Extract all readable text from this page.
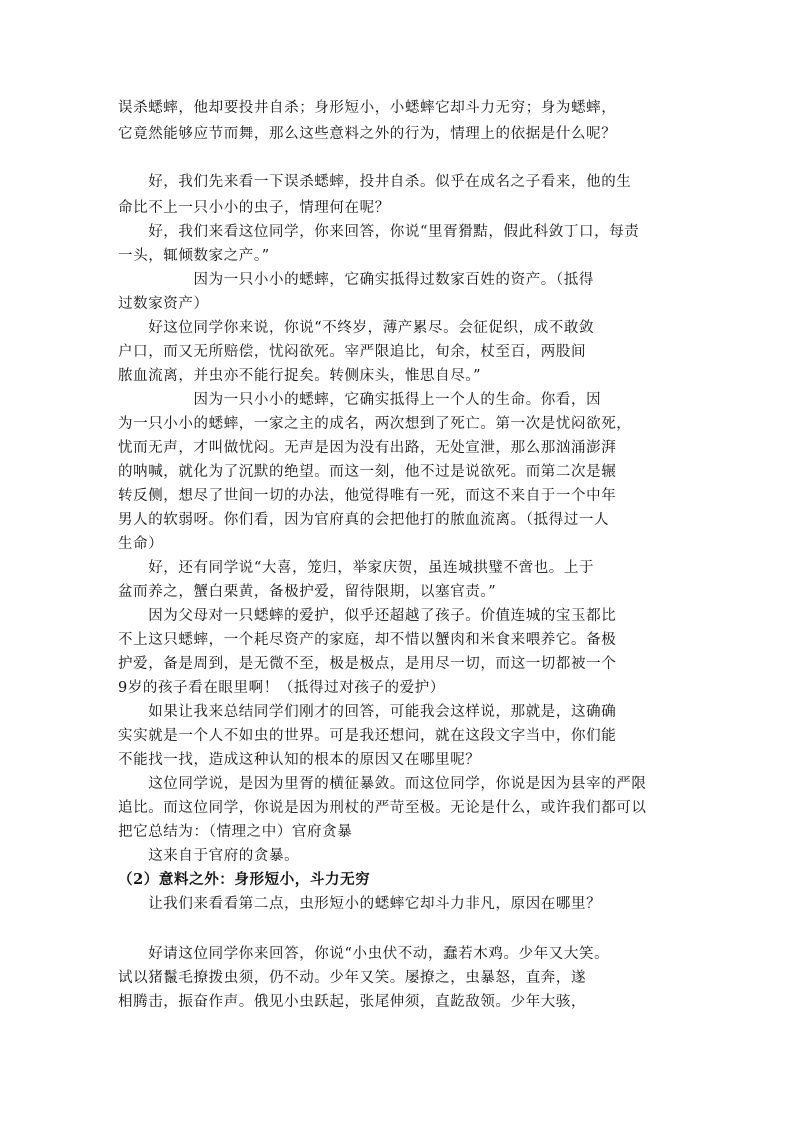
误杀蟋蟀，他却要投井自杀；身形短小，小蟋蟀它却斗力无穷；身为蟋蟀，
它竟然能够应节而舞，那么这些意料之外的行为，情理上的依据是什么呢？
　　好，我们先来看一下误杀蟋蟀，投井自杀。似乎在成名之子看来，他的生
命比不上一只小小的虫子，情理何在呢？
　　好，我们来看这位同学，你来回答，你说“里胥猾黠，假此科敛丁口，每责
一头，辄倾数家之产。”
　　　　　因为一只小小的蟋蟀，它确实抵得过数家百姓的资产。（抵得
过数家资产）
　　好这位同学你来说，你说“不终岁，薄产累尽。会征促织，成不敢敛
户口，而又无所赔偿，忧闷欲死。宰严限追比，旬余，杖至百，两股间
脓血流离，并虫亦不能行捉矣。转侧床头，惟思自尽。”
　　　　　因为一只小小的蟋蟀，它确实抵得上一个人的生命。你看，因
为一只小小的蟋蟀，一家之主的成名，两次想到了死亡。第一次是忧闷欲死，
忧而无声，才叫做忧闷。无声是因为没有出路，无处宣泄，那么那汹涌澎湃
的呐喊，就化为了沉默的绝望。而这一刻，他不过是说欲死。而第二次是辗
转反侧，想尽了世间一切的办法，他觉得唯有一死，而这不来自于一个中年
男人的软弱呀。你们看，因为官府真的会把他打的脓血流离。（抵得过一人
生命）
　　好，还有同学说“大喜，笼归，举家庆贺，虽连城拱璧不啻也。上于
盆而养之，蟹白栗黄，备极护爱，留待限期，以塞官责。”
　　因为父母对一只蟋蟀的爱护，似乎还超越了孩子。价值连城的宝玉都比
不上这只蟋蟀，一个耗尽资产的家庭，却不惜以蟹肉和米食来喂养它。备极
护爱，备是周到，是无微不至，极是极点，是用尽一切，而这一切都被一个
9岁的孩子看在眼里啊！（抵得过对孩子的爱护）
　　如果让我来总结同学们刚才的回答，可能我会这样说，那就是，这确确
实实就是一个人不如虫的世界。可是我还想问，就在这段文字当中，你们能
不能找一找，造成这种认知的根本的原因又在哪里呢？
　　这位同学说，是因为里胥的横征暴敛。而这位同学，你说是因为县宰的严限
追比。而这位同学，你说是因为刑杖的严苛至极。无论是什么，或许我们都可以
把它总结为：（情理之中）官府贪暴
　　这来自于官府的贪暴。
（2）意料之外：身形短小，斗力无穷
　　让我们来看看第二点，虫形短小的蟋蟀它却斗力非凡，原因在哪里？
　　好请这位同学你来回答，你说“小虫伏不动，蠢若木鸡。少年又大笑。
试以猪鬣毛撩拨虫须，仍不动。少年又笑。屡撩之，虫暴怒，直奔，遂
相腾击，振奋作声。俄见小虫跃起，张尾伸须，直龁敌领。少年大骇，
